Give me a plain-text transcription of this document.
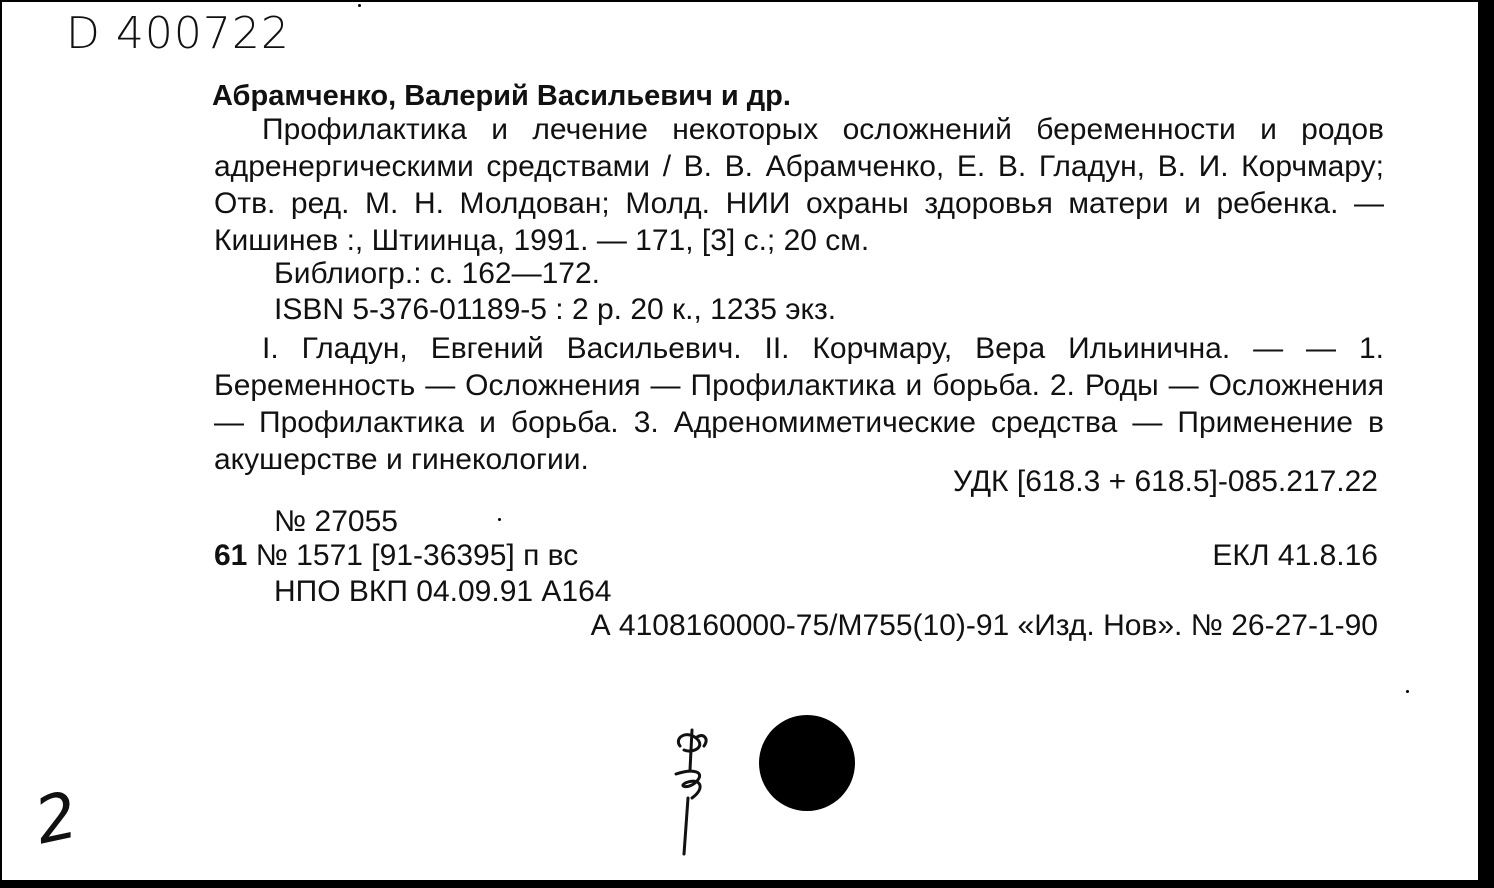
D 400722
Абрамченко, Валерий Васильевич и др.
Профилактика и лечение некоторых осложнений беременности и родов адренергическими средствами / В. В. Абрамченко, Е. В. Гладун, В. И. Корчмару; Отв. ред. М. Н. Молдован; Молд. НИИ охраны здоровья матери и ребенка. — Кишинев :, Штиинца, 1991. — 171, [3] с.; 20 см.
Библиогр.: с. 162—172.
ISBN 5-376-01189-5 : 2 р. 20 к., 1235 экз.
I. Гладун, Евгений Васильевич. II. Корчмару, Вера Ильинична. — — 1. Беременность — Осложнения — Профилактика и борьба. 2. Роды — Осложнения — Профилактика и борьба. 3. Адреномиметические средства — Применение в акушерстве и гинекологии.
УДК [618.3 + 618.5]-085.217.22
№ 27055
61 № 1571 [91-36395] п вс	ЕКЛ 41.8.16
НПО ВКП 04.09.91 А164
А 4108160000-75/М755(10)-91 «Изд. Нов». № 26-27-1-90
2
